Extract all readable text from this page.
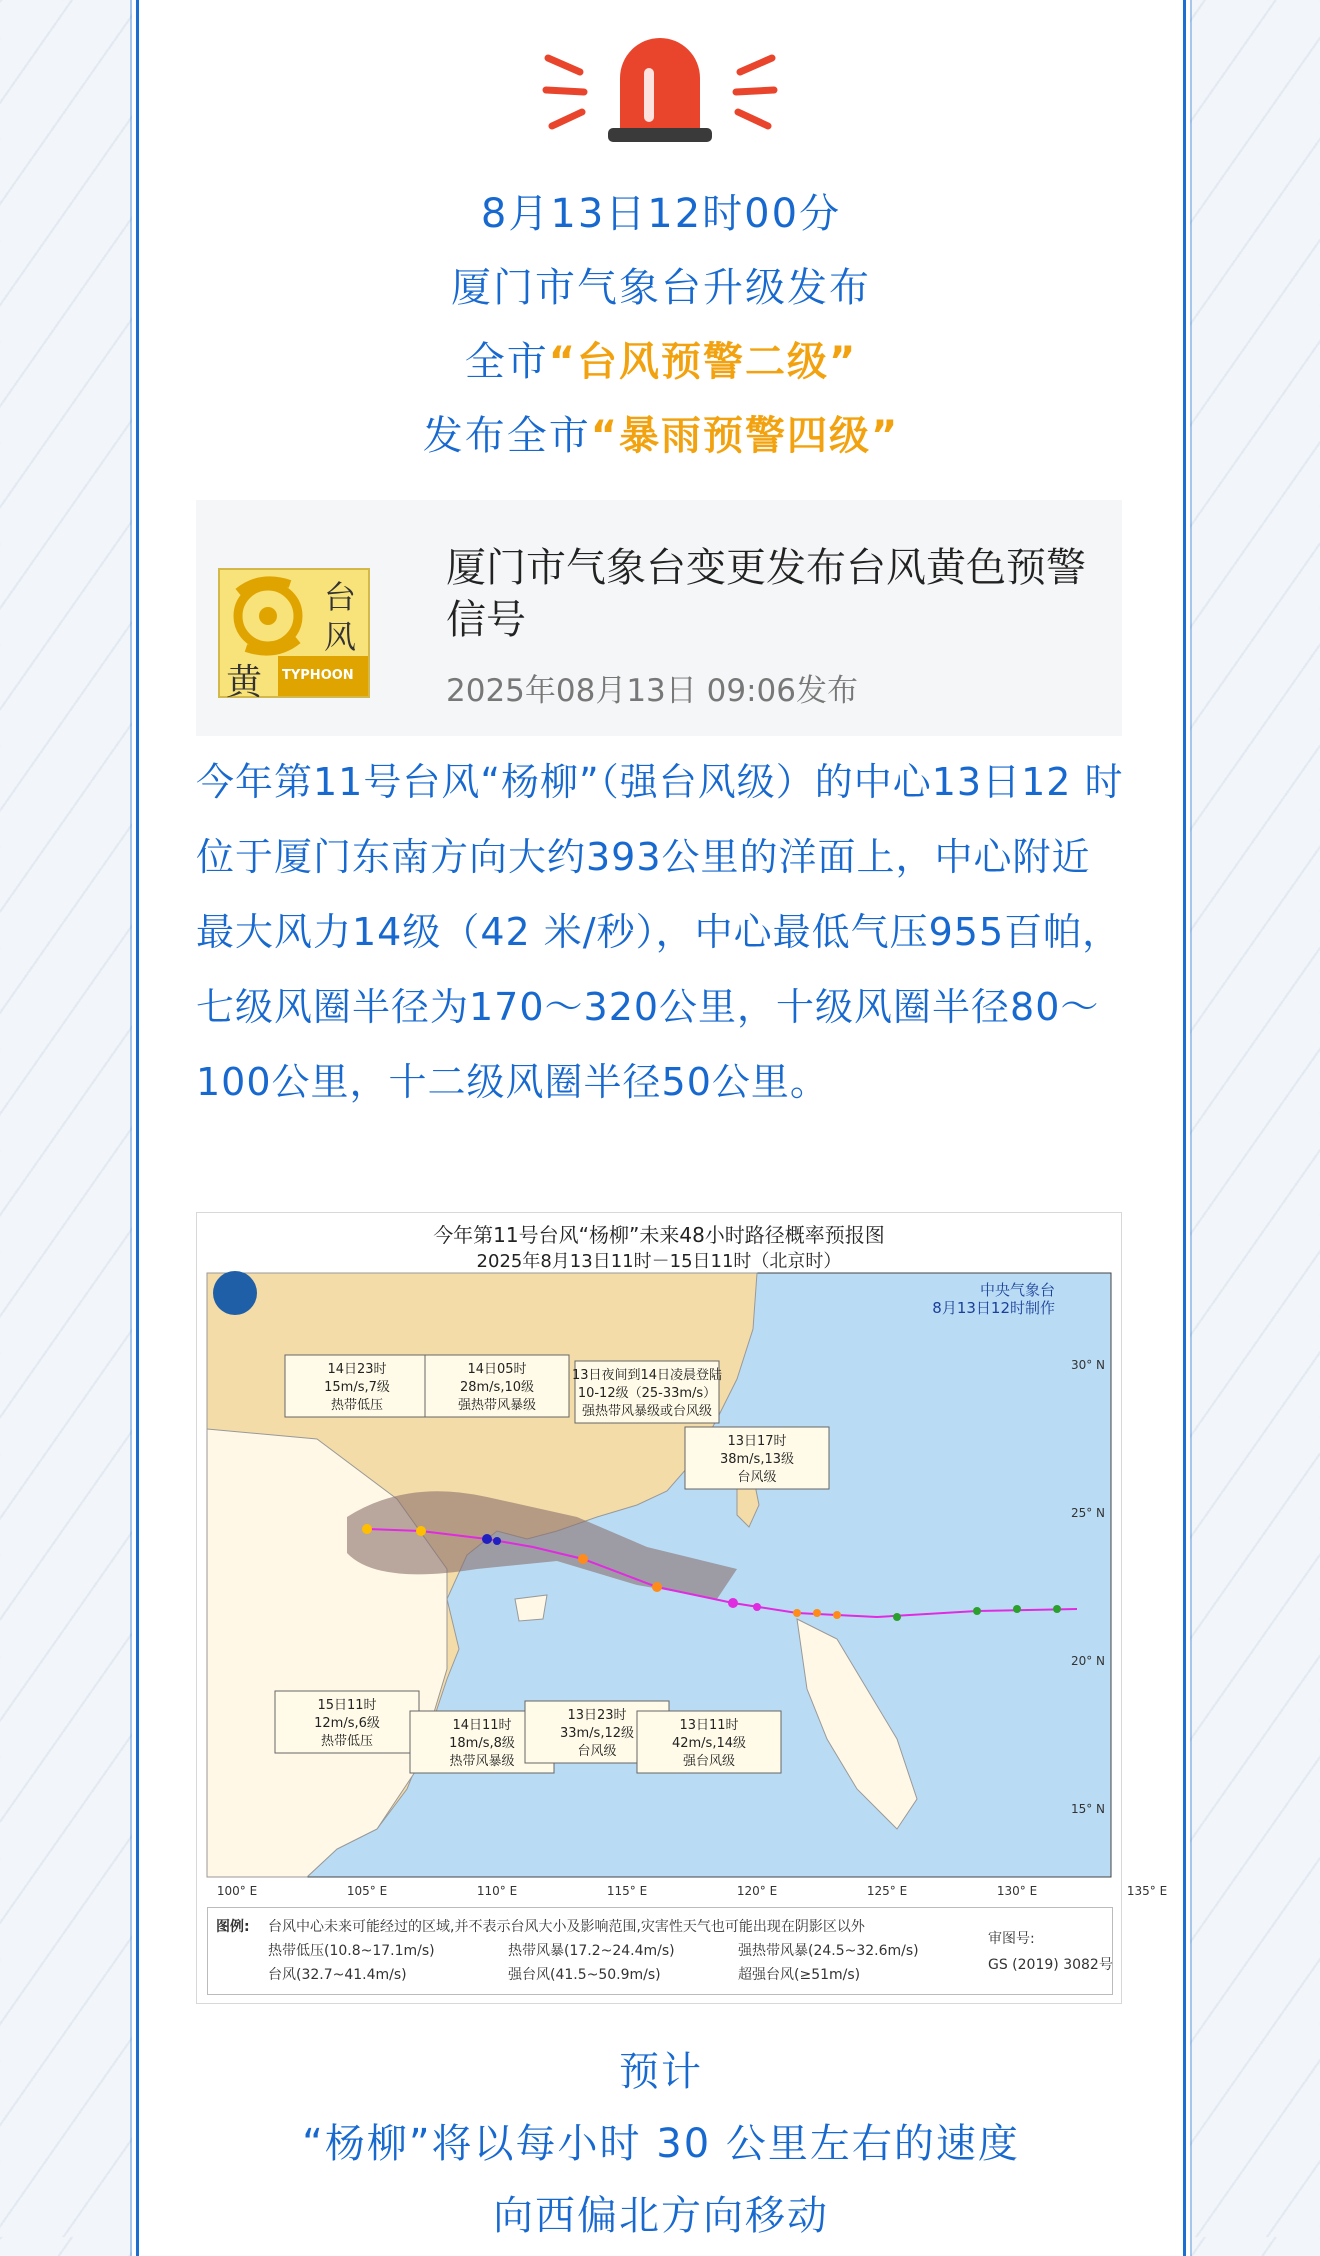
8月13日12时00分
厦门市气象台升级发布
全市“台风预警二级”
发布全市“暴雨预警四级”
台
风
黄 TYPHOON
厦门市气象台变更发布台风黄色预警信号
2025年08月13日 09:06发布
今年第11号台风“杨柳”（强台风级）的中心13日12 时位于厦门东南方向大约393公里的洋面上，中心附近最大风力14级（42 米/秒），中心最低气压955百帕，七级风圈半径为170～320公里，十级风圈半径80～100公里，十二级风圈半径50公里。
今年第11号台风“杨柳”未来48小时路径概率预报图
2025年8月13日11时－15日11时（北京时）
中央气象台
8月13日12时制作
100° E	105° E	110° E	115° E	120° E	125° E	130° E	135° E
30° N
25° N
20° N
15° N
14日23时
15m/s,7级
热带低压
14日05时
28m/s,10级
强热带风暴级
13日夜间到14日凌晨登陆
10-12级（25-33m/s）
强热带风暴级或台风级
13日17时
38m/s,13级
台风级
15日11时
12m/s,6级
热带低压
14日11时
18m/s,8级
热带风暴级
13日23时
33m/s,12级
台风级
13日11时
42m/s,14级
强台风级
图例: 台风中心未来可能经过的区域,并不表示台风大小及影响范围,灾害性天气也可能出现在阴影区以外
热带低压(10.8~17.1m/s)	热带风暴(17.2~24.4m/s)	强热带风暴(24.5~32.6m/s)
台风(32.7~41.4m/s)	强台风(41.5~50.9m/s)	超强台风(≥51m/s)
审图号:
GS (2019) 3082号
预计
“杨柳”将以每小时 30 公里左右的速度
向西偏北方向移动
